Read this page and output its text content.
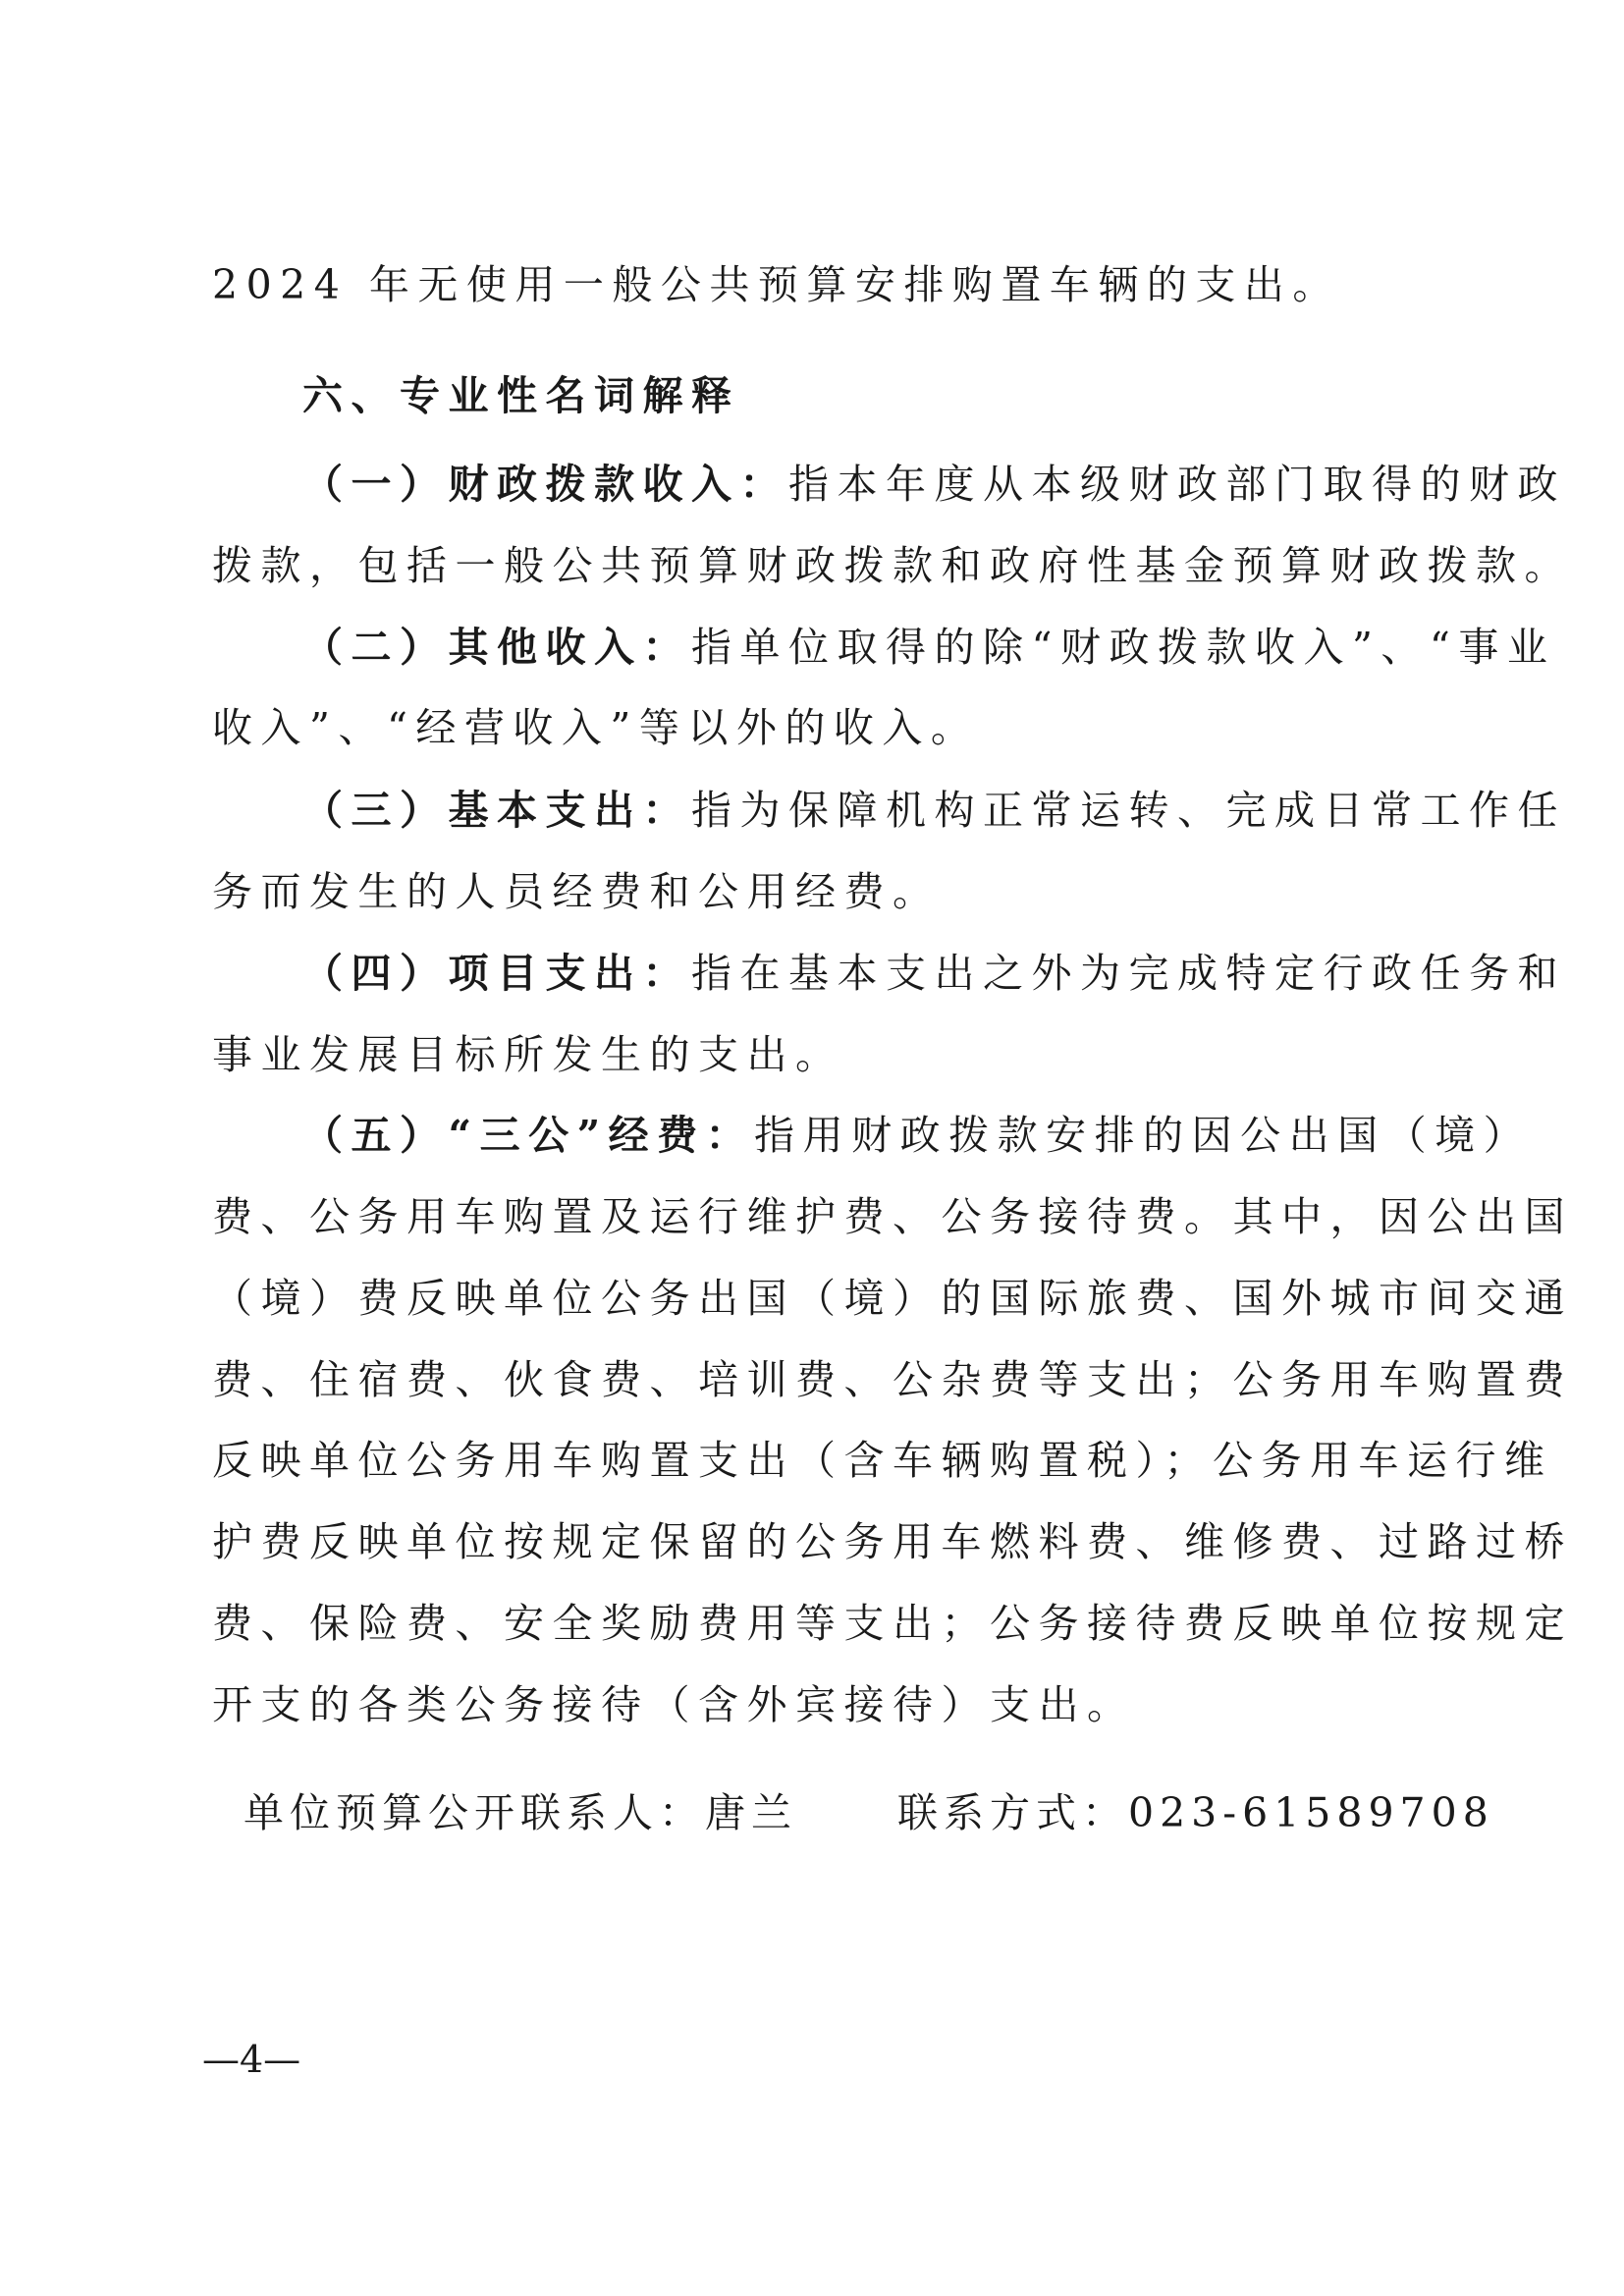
2024 年无使用一般公共预算安排购置车辆的支出。
六、专业性名词解释
（一）财政拨款收入：指本年度从本级财政部门取得的财政
拨款，包括一般公共预算财政拨款和政府性基金预算财政拨款。
（二）其他收入：指单位取得的除“财政拨款收入”、“事业
收入”、“经营收入”等以外的收入。
（三）基本支出：指为保障机构正常运转、完成日常工作任
务而发生的人员经费和公用经费。
（四）项目支出：指在基本支出之外为完成特定行政任务和
事业发展目标所发生的支出。
（五）“三公”经费：指用财政拨款安排的因公出国（境）
费、公务用车购置及运行维护费、公务接待费。其中，因公出国
（境）费反映单位公务出国（境）的国际旅费、国外城市间交通
费、住宿费、伙食费、培训费、公杂费等支出；公务用车购置费
反映单位公务用车购置支出（含车辆购置税）；公务用车运行维
护费反映单位按规定保留的公务用车燃料费、维修费、过路过桥
费、保险费、安全奖励费用等支出；公务接待费反映单位按规定
开支的各类公务接待（含外宾接待）支出。
单位预算公开联系人：唐兰 联系方式：023-61589708
—4—
